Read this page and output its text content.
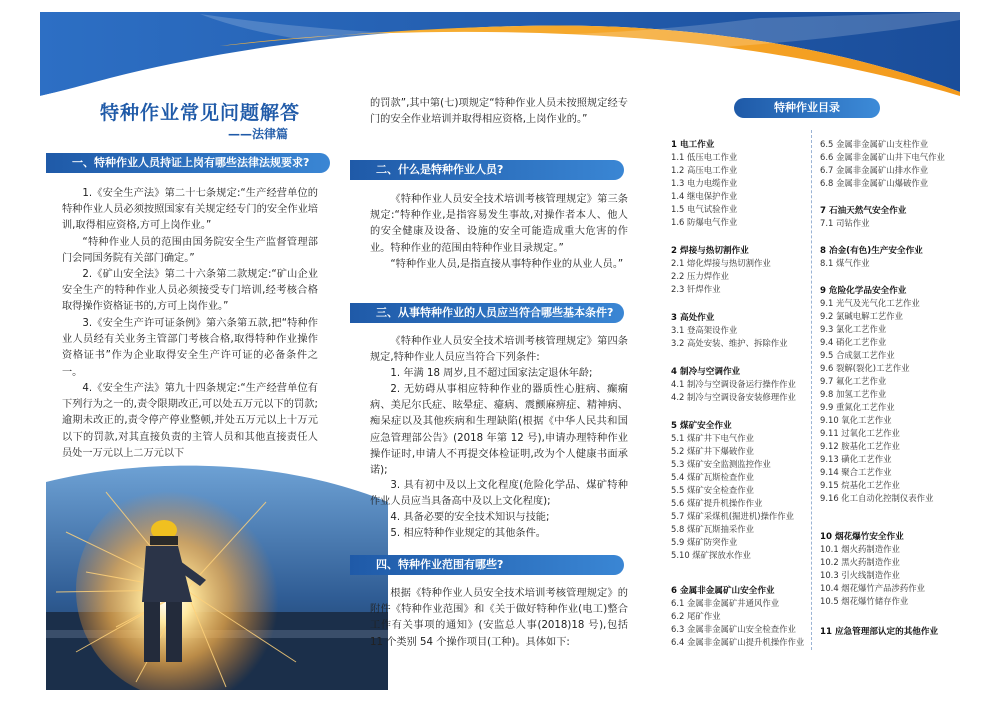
特种作业常见问题解答
——法律篇
一、特种作业人员持证上岗有哪些法律法规要求?
1.《安全生产法》第二十七条规定:“生产经营单位的特种作业人员必须按照国家有关规定经专门的安全作业培训,取得相应资格,方可上岗作业。”
“特种作业人员的范围由国务院安全生产监督管理部门会同国务院有关部门确定。”
2.《矿山安全法》第二十六条第二款规定:“矿山企业安全生产的特种作业人员必须接受专门培训,经考核合格取得操作资格证书的,方可上岗作业。”
3.《安全生产许可证条例》第六条第五款,把“特种作业人员经有关业务主管部门考核合格,取得特种作业操作资格证书”作为企业取得安全生产许可证的必备条件之一。
4.《安全生产法》第九十四条规定:“生产经营单位有下列行为之一的,责令限期改正,可以处五万元以下的罚款;逾期未改正的,责令停产停业整顿,并处五万元以上十万元以下的罚款,对其直接负责的主管人员和其他直接责任人员处一万元以上二万元以下
的罚款”,其中第(七)项规定“特种作业人员未按照规定经专门的安全作业培训并取得相应资格,上岗作业的。”
二、什么是特种作业人员?
《特种作业人员安全技术培训考核管理规定》第三条规定:“特种作业,是指容易发生事故,对操作者本人、他人的安全健康及设备、设施的安全可能造成重大危害的作业。特种作业的范围由特种作业目录规定。”
“特种作业人员,是指直接从事特种作业的从业人员。”
三、从事特种作业的人员应当符合哪些基本条件?
《特种作业人员安全技术培训考核管理规定》第四条规定,特种作业人员应当符合下列条件:
1. 年满 18 周岁,且不超过国家法定退休年龄;
2. 无妨碍从事相应特种作业的器质性心脏病、癫痫病、美尼尔氏症、眩晕症、癔病、震颤麻痹症、精神病、痴呆症以及其他疾病和生理缺陷(根据《中华人民共和国应急管理部公告》(2018 年第 12 号),申请办理特种作业操作证时,申请人不再提交体检证明,改为个人健康书面承诺);
3. 具有初中及以上文化程度(危险化学品、煤矿特种作业人员应当具备高中及以上文化程度);
4. 具备必要的安全技术知识与技能;
5. 相应特种作业规定的其他条件。
四、特种作业范围有哪些?
根据《特种作业人员安全技术培训考核管理规定》的附件《特种作业范围》和《关于做好特种作业(电工)整合工作有关事项的通知》(安监总人事(2018)18 号),包括 11 个类别 54 个操作项目(工种)。具体如下:
特种作业目录
1 电工作业
1.1 低压电工作业
1.2 高压电工作业
1.3 电力电缆作业
1.4 继电保护作业
1.5 电气试验作业
1.6 防爆电气作业
2 焊接与热切割作业
2.1 熔化焊接与热切割作业
2.2 压力焊作业
2.3 钎焊作业
3 高处作业
3.1 登高架设作业
3.2 高处安装、维护、拆除作业
4 制冷与空调作业
4.1 制冷与空调设备运行操作作业
4.2 制冷与空调设备安装修理作业
5 煤矿安全作业
5.1 煤矿井下电气作业
5.2 煤矿井下爆破作业
5.3 煤矿安全监测监控作业
5.4 煤矿瓦斯检查作业
5.5 煤矿安全检查作业
5.6 煤矿提升机操作作业
5.7 煤矿采煤机(掘进机)操作作业
5.8 煤矿瓦斯抽采作业
5.9 煤矿防突作业
5.10 煤矿探放水作业
6 金属非金属矿山安全作业
6.1 金属非金属矿井通风作业
6.2 尾矿作业
6.3 金属非金属矿山安全检查作业
6.4 金属非金属矿山提升机操作作业
6.5 金属非金属矿山支柱作业
6.6 金属非金属矿山井下电气作业
6.7 金属非金属矿山排水作业
6.8 金属非金属矿山爆破作业
7 石油天然气安全作业
7.1 司钻作业
8 冶金(有色)生产安全作业
8.1 煤气作业
9 危险化学品安全作业
9.1 光气及光气化工艺作业
9.2 氯碱电解工艺作业
9.3 氯化工艺作业
9.4 硝化工艺作业
9.5 合成氨工艺作业
9.6 裂解(裂化)工艺作业
9.7 氟化工艺作业
9.8 加氢工艺作业
9.9 重氮化工艺作业
9.10 氧化工艺作业
9.11 过氧化工艺作业
9.12 胺基化工艺作业
9.13 磺化工艺作业
9.14 聚合工艺作业
9.15 烷基化工艺作业
9.16 化工自动化控制仪表作业
10 烟花爆竹安全作业
10.1 烟火药制造作业
10.2 黑火药制造作业
10.3 引火线制造作业
10.4 烟花爆竹产品涉药作业
10.5 烟花爆竹储存作业
11 应急管理部认定的其他作业
